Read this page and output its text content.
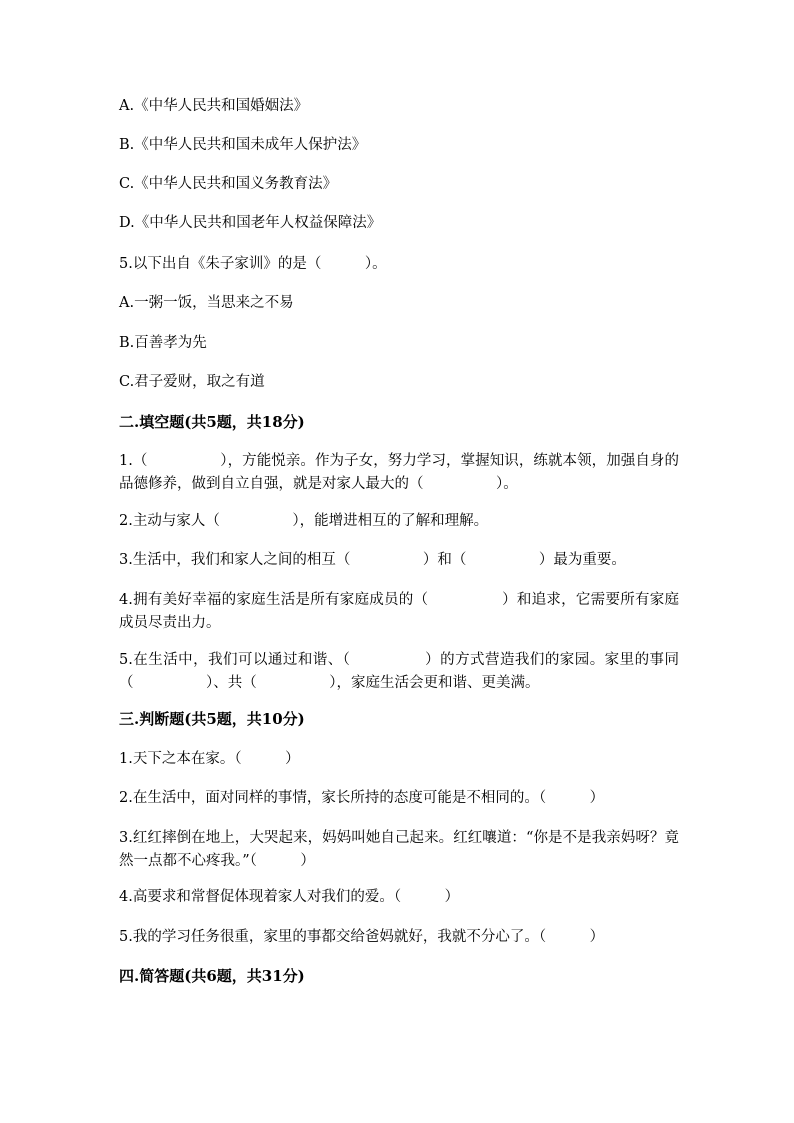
A.《中华人民共和国婚姻法》
B.《中华人民共和国未成年人保护法》
C.《中华人民共和国义务教育法》
D.《中华人民共和国老年人权益保障法》
5.以下出自《朱子家训》的是（　　　）。
A.一粥一饭，当思来之不易
B.百善孝为先
C.君子爱财，取之有道
二.填空题(共5题，共18分)
1.（　　　　　），方能悦亲。作为子女，努力学习，掌握知识，练就本领，加强自身的品德修养，做到自立自强，就是对家人最大的（　　　　　）。
2.主动与家人（　　　　　），能增进相互的了解和理解。
3.生活中，我们和家人之间的相互（　　　　　）和（　　　　　）最为重要。
4.拥有美好幸福的家庭生活是所有家庭成员的（　　　　　）和追求，它需要所有家庭成员尽责出力。
5.在生活中，我们可以通过和谐、（　　　　　）的方式营造我们的家园。家里的事同（　　　　　）、共（　　　　　），家庭生活会更和谐、更美满。
三.判断题(共5题，共10分)
1.天下之本在家。（　　　）
2.在生活中，面对同样的事情，家长所持的态度可能是不相同的。（　　　）
3.红红摔倒在地上，大哭起来，妈妈叫她自己起来。红红嚷道：“你是不是我亲妈呀？竟然一点都不心疼我。”（　　　）
4.高要求和常督促体现着家人对我们的爱。（　　　）
5.我的学习任务很重，家里的事都交给爸妈就好，我就不分心了。（　　　）
四.简答题(共6题，共31分)
